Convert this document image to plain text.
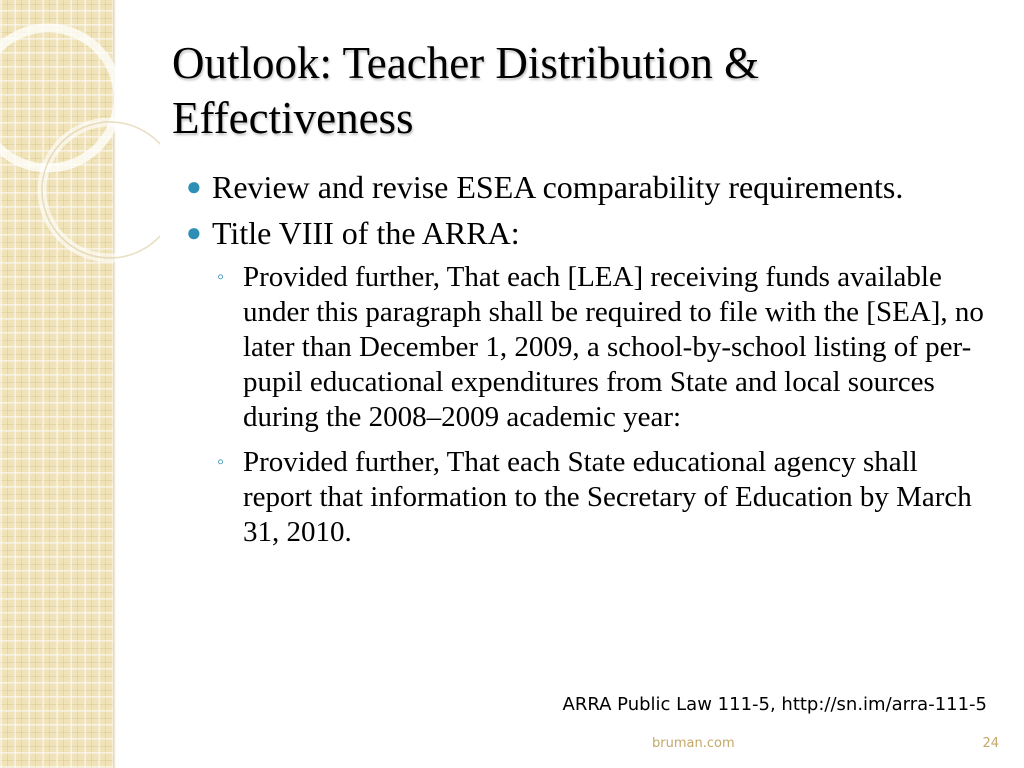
Outlook: Teacher Distribution & Effectiveness
● Review and revise ESEA comparability requirements.
● Title VIII of the ARRA:
◦ Provided further, That each [LEA] receiving funds available under this paragraph shall be required to file with the [SEA], no later than December 1, 2009, a school-by-school listing of per-pupil educational expenditures from State and local sources during the 2008–2009 academic year:
◦ Provided further, That each State educational agency shall report that information to the Secretary of Education by March 31, 2010.
ARRA Public Law 111-5, http://sn.im/arra-111-5
bruman.com	24
